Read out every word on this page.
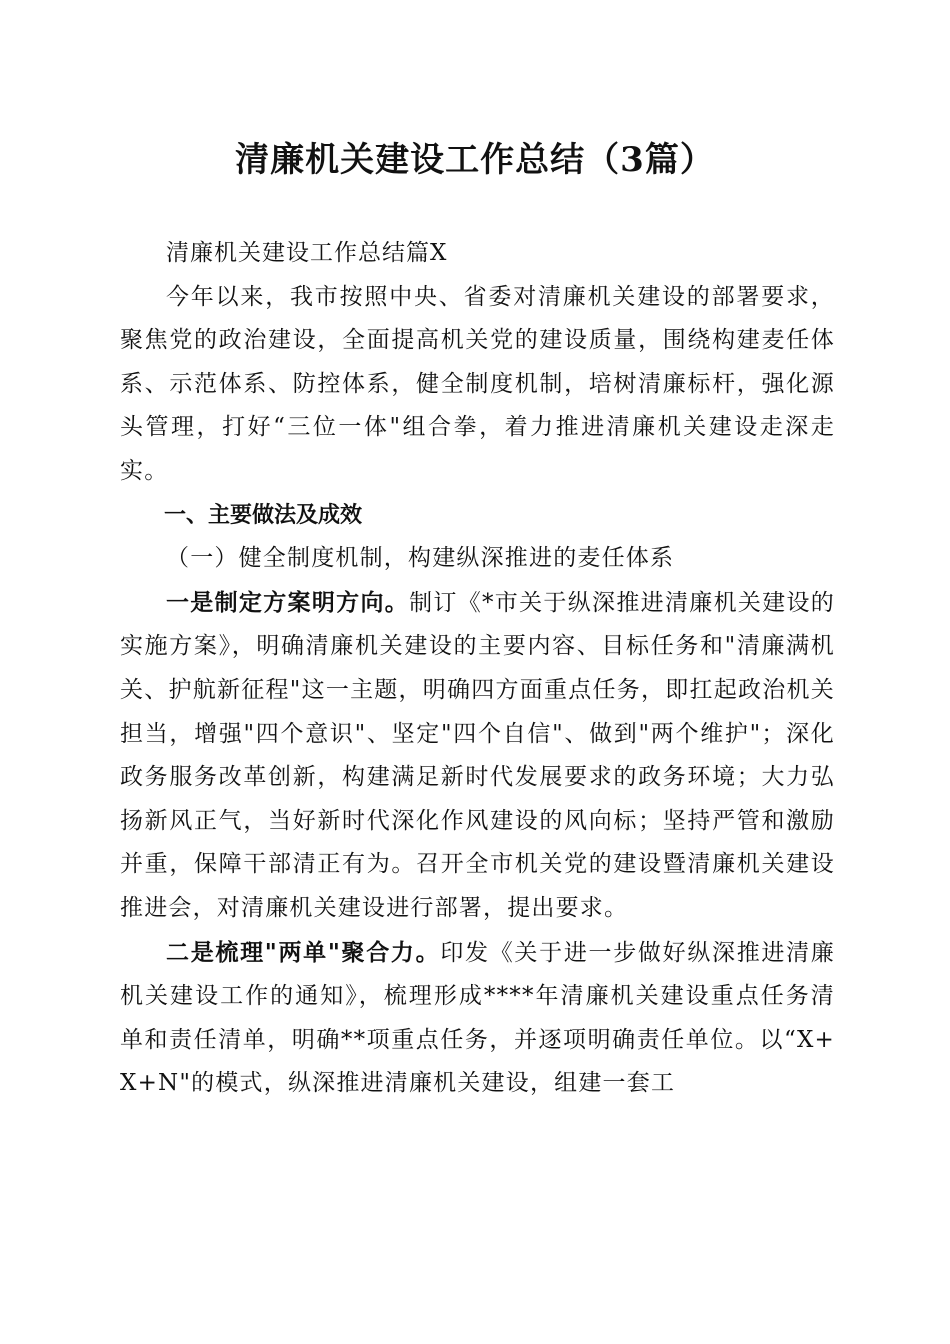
清廉机关建设工作总结（3篇）

清廉机关建设工作总结篇X

今年以来，我市按照中央、省委对清廉机关建设的部署要求，聚焦党的政治建设，全面提高机关党的建设质量，围绕构建麦任体系、示范体系、防控体系，健全制度机制，培树清廉标杆，强化源头管理，打好“三位一体"组合拳，着力推进清廉机关建设走深走实。

一、主要做法及成效

（一）健全制度机制，构建纵深推进的麦任体系

一是制定方案明方向。制订《*市关于纵深推进清廉机关建设的实施方案》，明确清廉机关建设的主要内容、目标任务和"清廉满机关、护航新征程"这一主题，明确四方面重点任务，即扛起政治机关担当，增强"四个意识"、坚定"四个自信"、做到"两个维护"；深化政务服务改革创新，构建满足新时代发展要求的政务环境；大力弘扬新风正气，当好新时代深化作风建设的风向标；坚持严管和激励并重，保障干部清正有为。召开全市机关党的建设暨清廉机关建设推进会，对清廉机关建设进行部署，提出要求。

二是梳理"两单"聚合力。印发《关于进一步做好纵深推进清廉机关建设工作的通知》，梳理形成****年清廉机关建设重点任务清单和责任清单，明确**项重点任务，并逐项明确责任单位。以“X+X+N"的模式，纵深推进清廉机关建设，组建一套工
